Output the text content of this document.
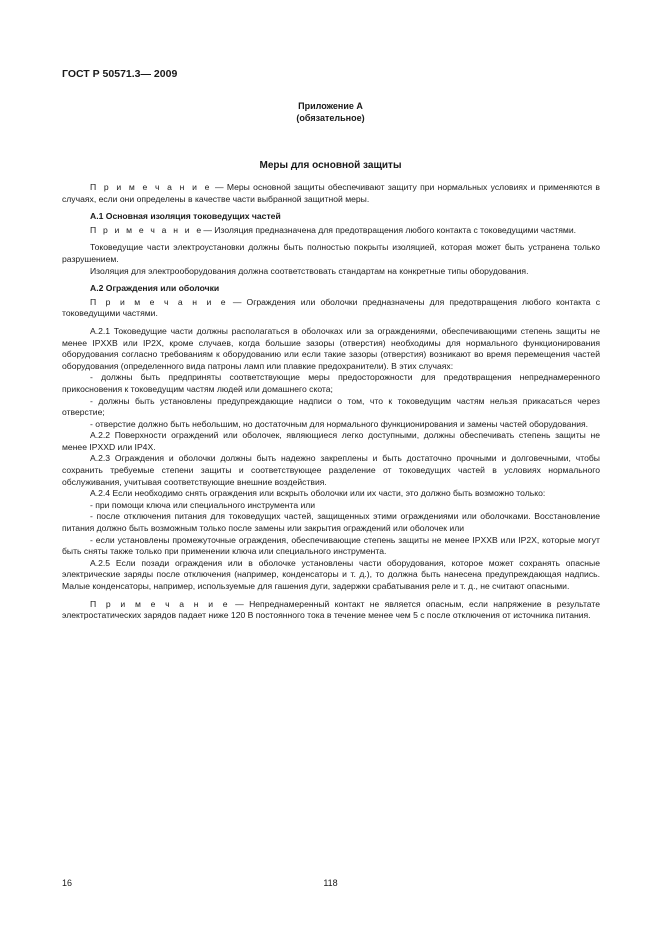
ГОСТ Р 50571.3— 2009
Приложение А
(обязательное)
Меры для основной защиты

П р и м е ч а н и е — Меры основной защиты обеспечивают защиту при нормальных условиях и применяются в случаях, если они определены в качестве части выбранной защитной меры.

А.1 Основная изоляция токоведущих частей

П р и м е ч а н и е— Изоляция предназначена для предотвращения любого контакта с токоведущими частями.

Токоведущие части электроустановки должны быть полностью покрыты изоляцией, которая может быть устранена только разрушением.

Изоляция для электрооборудования должна соответствовать стандартам на конкретные типы оборудования.

А.2 Ограждения или оболочки

П р и м е ч а н и е — Ограждения или оболочки предназначены для предотвращения любого контакта с токоведущими частями.

А.2.1 Токоведущие части должны располагаться в оболочках или за ограждениями, обеспечивающими степень защиты не менее IPXXB или IP2X, кроме случаев, когда большие зазоры (отверстия) необходимы для нормального функционирования оборудования согласно требованиям к оборудованию или если такие зазоры (отверстия) возникают во время перемещения частей оборудования (определенного вида патроны ламп или плавкие предохранители). В этих случаях:

- должны быть предприняты соответствующие меры предосторожности для предотвращения непреднамеренного прикосновения к токоведущим частям людей или домашнего скота;

- должны быть установлены предупреждающие надписи о том, что к токоведущим частям нельзя прикасаться через отверстие;

- отверстие должно быть небольшим, но достаточным для нормального функционирования и замены частей оборудования.

А.2.2 Поверхности ограждений или оболочек, являющиеся легко доступными, должны обеспечивать степень защиты не менее IPXXD или IP4X.

А.2.3 Ограждения и оболочки должны быть надежно закреплены и быть достаточно прочными и долговечными, чтобы сохранить требуемые степени защиты и соответствующее разделение от токоведущих частей в условиях нормального обслуживания, учитывая соответствующие внешние воздействия.

А.2.4 Если необходимо снять ограждения или вскрыть оболочки или их части, это должно быть возможно только:

- при помощи ключа или специального инструмента или

- после отключения питания для токоведущих частей, защищенных этими ограждениями или оболочками. Восстановление питания должно быть возможным только после замены или закрытия ограждений или оболочек или

- если установлены промежуточные ограждения, обеспечивающие степень защиты не менее IPXXB или IP2X, которые могут быть сняты также только при применении ключа или специального инструмента.

А.2.5 Если позади ограждения или в оболочке установлены части оборудования, которое может сохранять опасные электрические заряды после отключения (например, конденсаторы и т. д.), то должна быть нанесена предупреждающая надпись. Малые конденсаторы, например, используемые для гашения дуги, задержки срабатывания реле и т. д., не считают опасными.

П р и м е ч а н и е — Непреднамеренный контакт не является опасным, если напряжение в результате электростатических зарядов падает ниже 120 В постоянного тока в течение менее чем 5 с после отключения от источника питания.

16	118
